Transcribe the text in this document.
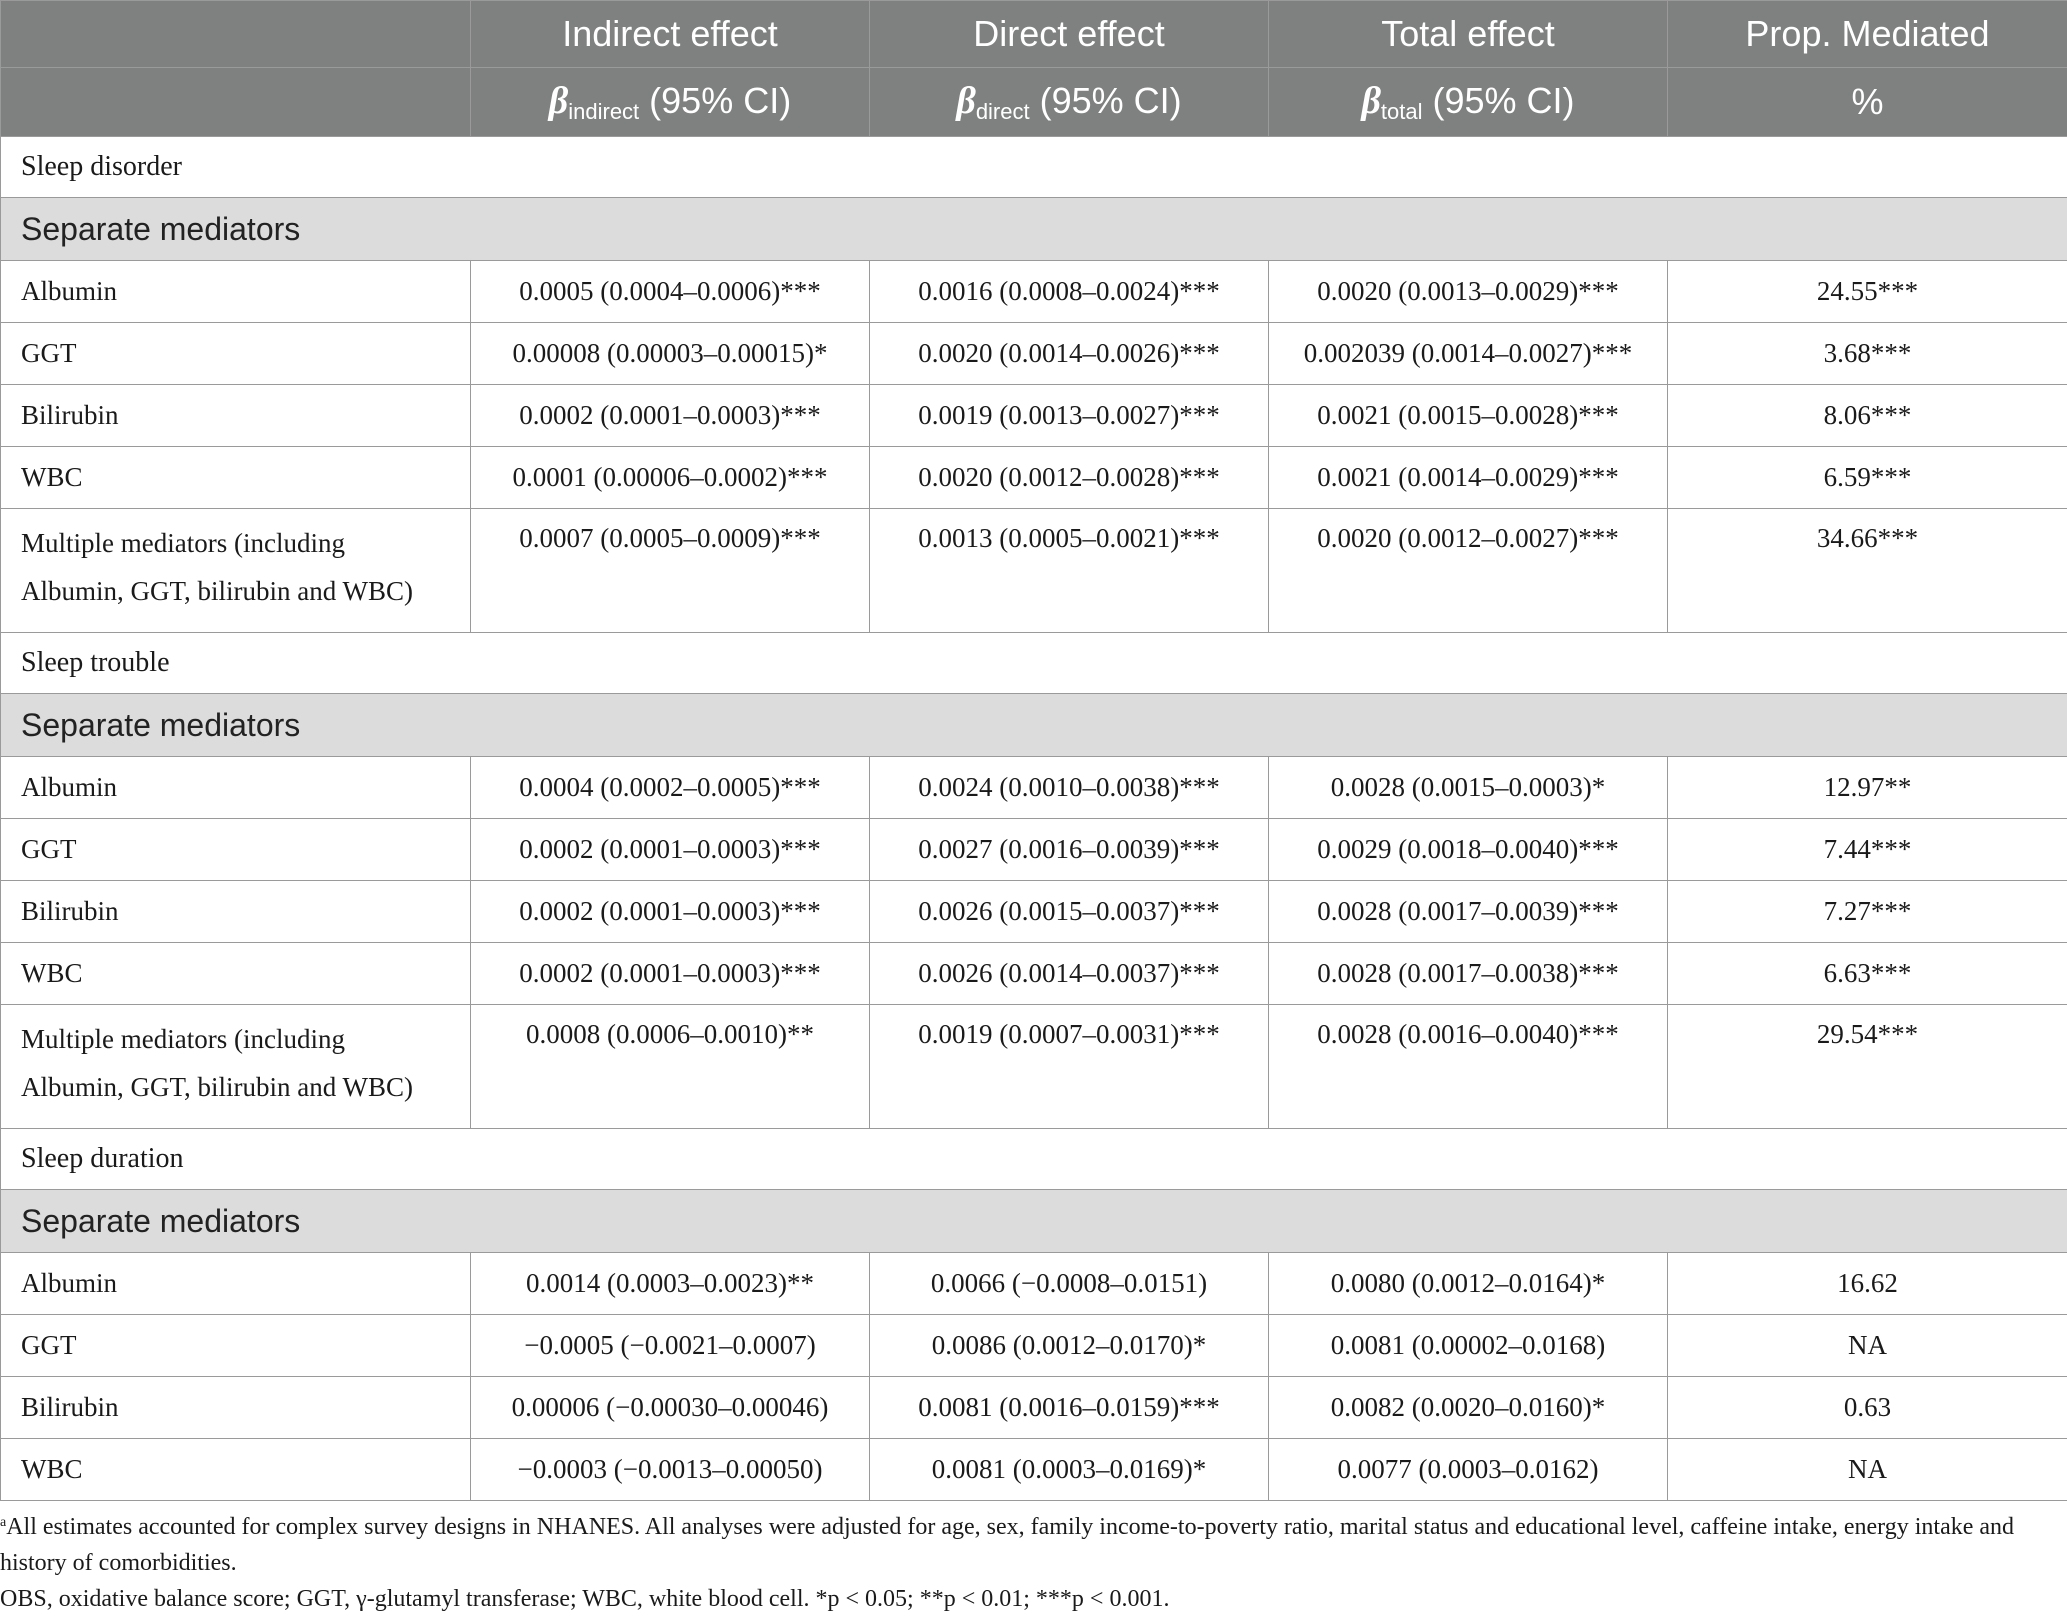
	Indirect effect	Direct effect	Total effect	Prop. Mediated
	$\beta_{indirect}$ (95% CI)	$\beta_{direct}$ (95% CI)	$\beta_{total}$ (95% CI)	%
Sleep disorder				
Separate mediators				
Albumin	0.0005 (0.0004–0.0006)***	0.0016 (0.0008–0.0024)***	0.0020 (0.0013–0.0029)***	24.55***
GGT	0.00008 (0.00003–0.00015)*	0.0020 (0.0014–0.0026)***	0.002039 (0.0014–0.0027)***	3.68***
Bilirubin	0.0002 (0.0001–0.0003)***	0.0019 (0.0013–0.0027)***	0.0021 (0.0015–0.0028)***	8.06***
WBC	0.0001 (0.00006–0.0002)***	0.0020 (0.0012–0.0028)***	0.0021 (0.0014–0.0029)***	6.59***
Multiple mediators (including
Albumin, GGT, bilirubin and WBC)	0.0007 (0.0005–0.0009)***	0.0013 (0.0005–0.0021)***	0.0020 (0.0012–0.0027)***	34.66***
Sleep trouble				
Separate mediators				
Albumin	0.0004 (0.0002–0.0005)***	0.0024 (0.0010–0.0038)***	0.0028 (0.0015–0.0003)*	12.97**
GGT	0.0002 (0.0001–0.0003)***	0.0027 (0.0016–0.0039)***	0.0029 (0.0018–0.0040)***	7.44***
Bilirubin	0.0002 (0.0001–0.0003)***	0.0026 (0.0015–0.0037)***	0.0028 (0.0017–0.0039)***	7.27***
WBC	0.0002 (0.0001–0.0003)***	0.0026 (0.0014–0.0037)***	0.0028 (0.0017–0.0038)***	6.63***
Multiple mediators (including
Albumin, GGT, bilirubin and WBC)	0.0008 (0.0006–0.0010)**	0.0019 (0.0007–0.0031)***	0.0028 (0.0016–0.0040)***	29.54***
Sleep duration				
Separate mediators				
Albumin	0.0014 (0.0003–0.0023)**	0.0066 (−0.0008–0.0151)	0.0080 (0.0012–0.0164)*	16.62
GGT	−0.0005 (−0.0021–0.0007)	0.0086 (0.0012–0.0170)*	0.0081 (0.00002–0.0168)	NA
Bilirubin	0.00006 (−0.00030–0.00046)	0.0081 (0.0016–0.0159)***	0.0082 (0.0020–0.0160)*	0.63
WBC	−0.0003 (−0.0013–0.00050)	0.0081 (0.0003–0.0169)*	0.0077 (0.0003–0.0162)	NA

$^a$All estimates accounted for complex survey designs in NHANES. All analyses were adjusted for age, sex, family income-to-poverty ratio, marital status and educational level, caffeine intake, energy intake and history of comorbidities.

OBS, oxidative balance score; GGT, γ-glutamyl transferase; WBC, white blood cell. *p < 0.05; **p < 0.01; ***p < 0.001.
